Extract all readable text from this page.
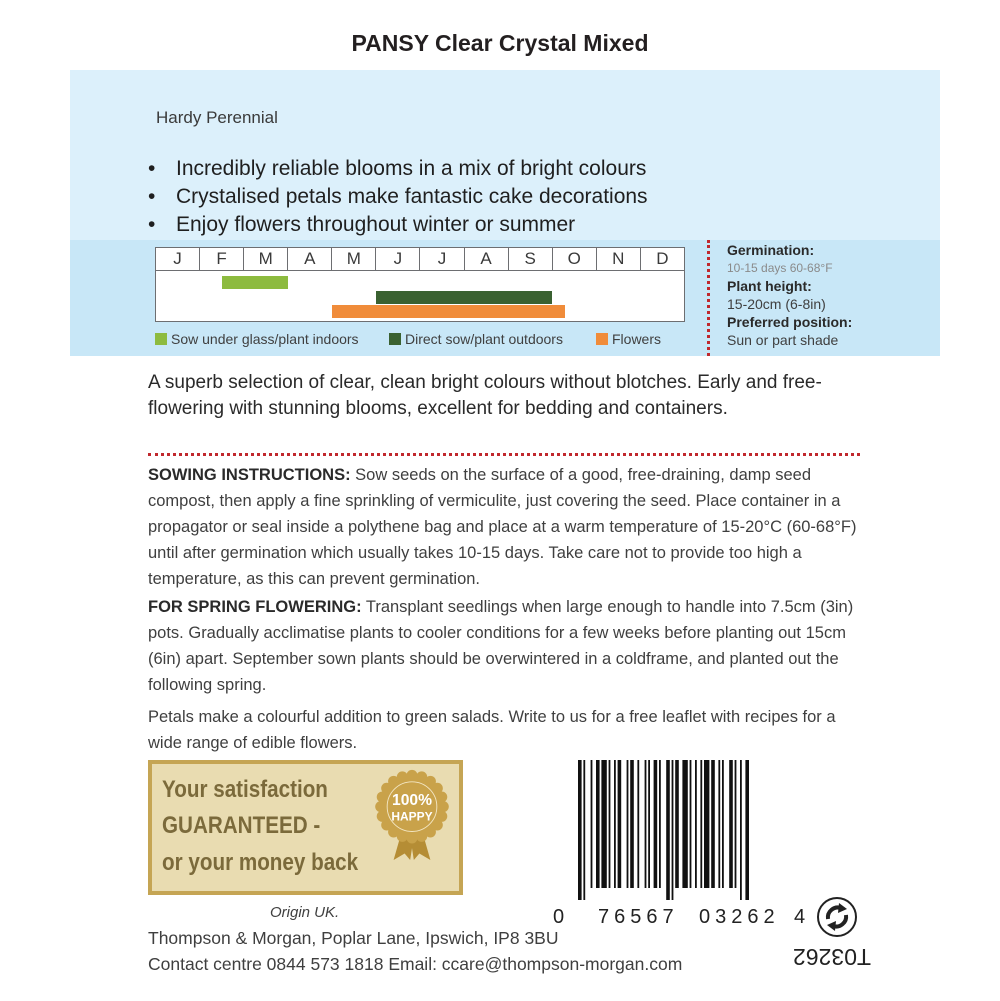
PANSY Clear Crystal Mixed
Hardy Perennial
• Incredibly reliable blooms in a mix of bright colours
• Crystalised petals make fantastic cake decorations
• Enjoy flowers throughout winter or summer
J	F	M	A	M	J	J	A	S	O	N	D
Sow under glass/plant indoors	Direct sow/plant outdoors	Flowers
Germination:
10-15 days 60-68°F
Plant height:
15-20cm (6-8in)
Preferred position:
Sun or part shade
A superb selection of clear, clean bright colours without blotches. Early and free-flowering with stunning blooms, excellent for bedding and containers.
SOWING INSTRUCTIONS: Sow seeds on the surface of a good, free-draining, damp seed compost, then apply a fine sprinkling of vermiculite, just covering the seed. Place container in a propagator or seal inside a polythene bag and place at a warm temperature of 15-20°C (60-68°F) until after germination which usually takes 10-15 days. Take care not to provide too high a temperature, as this can prevent germination.
FOR SPRING FLOWERING: Transplant seedlings when large enough to handle into 7.5cm (3in) pots. Gradually acclimatise plants to cooler conditions for a few weeks before planting out 15cm (6in) apart. September sown plants should be overwintered in a coldframe, and planted out the following spring.
Petals make a colourful addition to green salads. Write to us for a free leaflet with recipes for a wide range of edible flowers.
Your satisfaction
GUARANTEED -
or your money back
100%
HAPPY
0 76567 03262 4
T03262
Origin UK.
Thompson & Morgan, Poplar Lane, Ipswich, IP8 3BU
Contact centre 0844 573 1818 Email: ccare@thompson-morgan.com
